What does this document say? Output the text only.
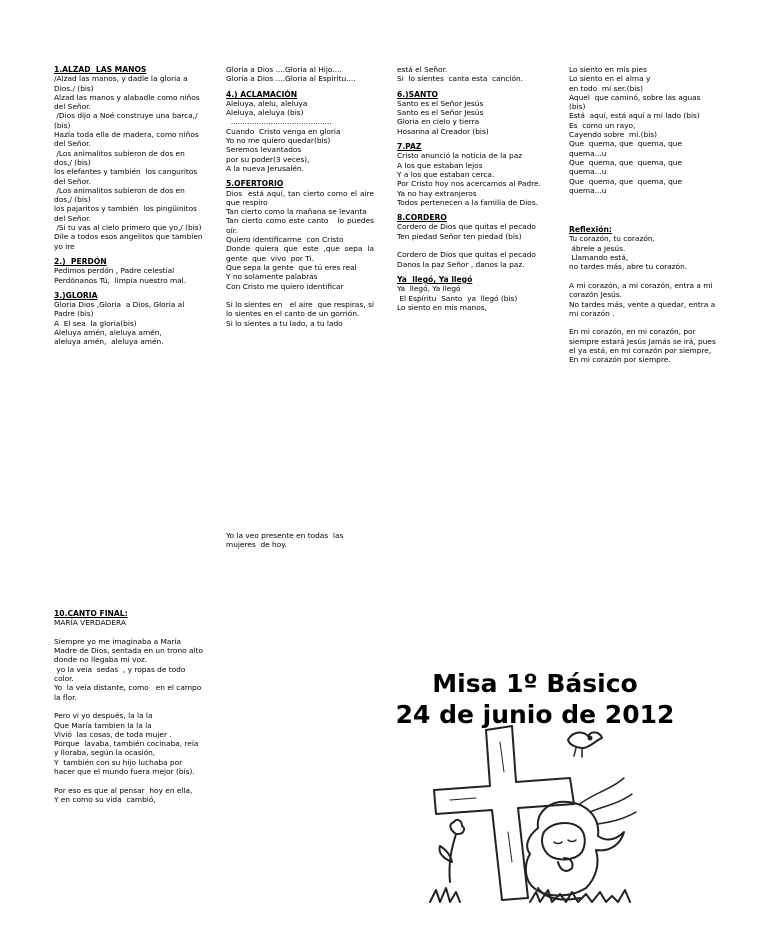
1.ALZAD  LAS MANOS

/Alzad las manos, y dadle la gloria a Dios./ (bis)

Alzad las manos y alabadle como niños del Señor.

/Dios dijo a Noé construye una barca,/ (bis)

Hazla toda ella de madera, como niños del Señor.

/Los animalitos subieron de dos en dos,/ (bis)

los elefantes y también  los canguritos del Señor.

/Los animalitos subieron de dos en dos,/ (bis)

los pajaritos y también  los pingüinitos del Señor.

/Si tu vas al cielo primero que yo,/ (bis)

Dile a todos esos angelitos que tambien yo ire

2.)  PERDÓN

Pedimos perdón , Padre celestial

Perdónanos Tú,  limpia nuestro mal.

3.)GLORIA

Gloria Dios ,Gloria  a Dios, Gloria al Padre (bis)

A  El sea  la gloria(bis)

Aleluya amén, aleluya amén,

aleluya amén,  aleluya amén.

Gloria a Dios ....Gloria al Hijo....

Gloria a Dios ....Gloria al Espiritu....

4.) ACLAMACIÓN

Aleluya, alelu, aleluya

Aleluya, aleluya (bis)

...........................................

Cuando  Cristo venga en gloria

Yo no me quiero quedar(bis)

Seremos levantados

por su poder(3 veces),

A la nueva Jerusalén.

5.OFERTORIO

Dios  está aquí, tan cierto como el aire  que respiro

Tan cierto como la mañana se levanta

Tan cierto como este canto   lo puedes oír.

Quiero identificarme  con Cristo

Donde quiera que este ,que sepa la gente  que  vivo  por Ti.

Que sepa la gente  que tú eres real

Y no solamente palabras

Con Cristo me quiero identificar

Si lo sientes en   el aire  que respiras, si lo sientes en el canto de un gorrión.

Si lo sientes a tu lado, a tu lado

Yo la veo presente en todas  las mujeres  de hoy.

está el Señor.

Si  lo sientes  canta esta  canción.

6.)SANTO

Santo es el Señor Jesús

Santo es el Señor Jesús

Gloria en cielo y tierra

Hosanna al Creador (bis)

7.PAZ

Cristo anunció la noticia de la paz

A los que estaban lejos

Y a los que estaban cerca.

Por Cristo hoy nos acercamos al Padre.

Ya no hay extranjeros

Todos pertenecen a la familia de Dios.

8.CORDERO

Cordero de Dios que quitas el pecado

Ten piedad Señor ten piedad (bis)

Cordero de Dios que quitas el pecado

Danos la paz Señor , danos la paz.

Ya  llegó, Ya llegó

Ya  llegó, Ya llegó

El Espíritu  Santo  ya  llegó (bis)

Lo siento en mis manos,

Lo siento en mis pies

Lo siento en el alma y

en todo  mi ser.(bis)

Aquel  que caminó, sobre las aguas (bis)

Está  aquí, está aquí a mi lado (bis)

Es  como un rayo,

Cayendo sobre  mi.(bis)

Que  quema, que  quema, que quema...u

Que  quema, que  quema, que quema...u

Que  quema, que  quema, que quema...u

Reflexión:

Tu corazón, tu corazón,

ábrele a Jesús.

Llamando está,

no tardes más, abre tu corazón.

A mi corazón, a mi corazón, entra a mi corazón Jesús.

No tardes más, vente a quedar, entra a mi corazón .

En mi corazón, en mi corazón, por siempre estará Jesús Jamás se irá, pues el ya está, en mi corazón por siempre,

En mi corazón por siempre.

10.CANTO FINAL:

MARÍA VERDADERA

Siempre yo me imaginaba a María Madre de Dios, sentada en un trono alto donde no llegaba mi voz.

yo la veía  sedas  , y ropas de todo color.

Yo  la veía distante, como   en el campo la flor.

Pero vi yo después, la la la

Que María tambien la la la

Vivió  las cosas, de toda mujer .

Porque  lavaba, también cocinaba, reía y lloraba, según la ocasión,

Y  también con su hijo luchaba por hacer que el mundo fuera mejor (bis).

Por eso es que al pensar  hoy en ella,

Y en como su vida  cambió,

Misa 1º Básico
24 de junio de 2012
